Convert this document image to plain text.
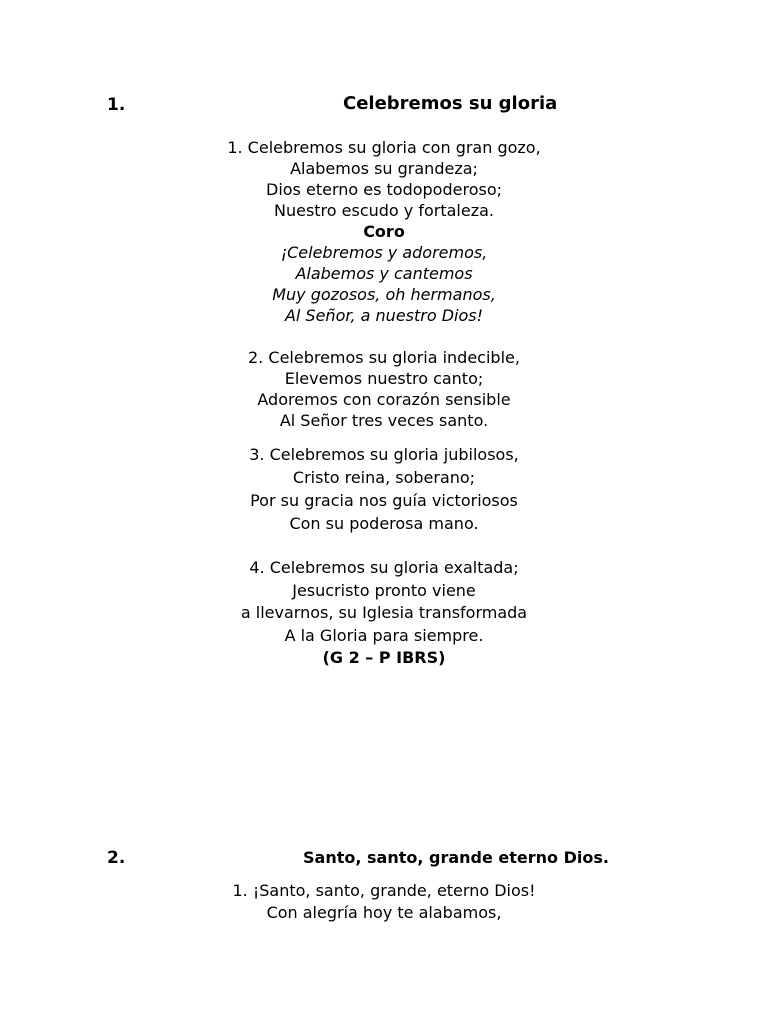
1.	Celebremos su gloria
1. Celebremos su gloria con gran gozo,
Alabemos su grandeza;
Dios eterno es todopoderoso;
Nuestro escudo y fortaleza.
Coro
¡Celebremos y adoremos,
Alabemos y cantemos
Muy gozosos, oh hermanos,
Al Señor, a nuestro Dios!
2. Celebremos su gloria indecible,
Elevemos nuestro canto;
Adoremos con corazón sensible
Al Señor tres veces santo.
3. Celebremos su gloria jubilosos,
Cristo reina, soberano;
Por su gracia nos guía victoriosos
Con su poderosa mano.
4. Celebremos su gloria exaltada;
Jesucristo pronto viene
a llevarnos, su Iglesia transformada
A la Gloria para siempre.
(G 2 – P IBRS)
2.	Santo, santo, grande eterno Dios.
1. ¡Santo, santo, grande, eterno Dios!
Con alegría hoy te alabamos,
